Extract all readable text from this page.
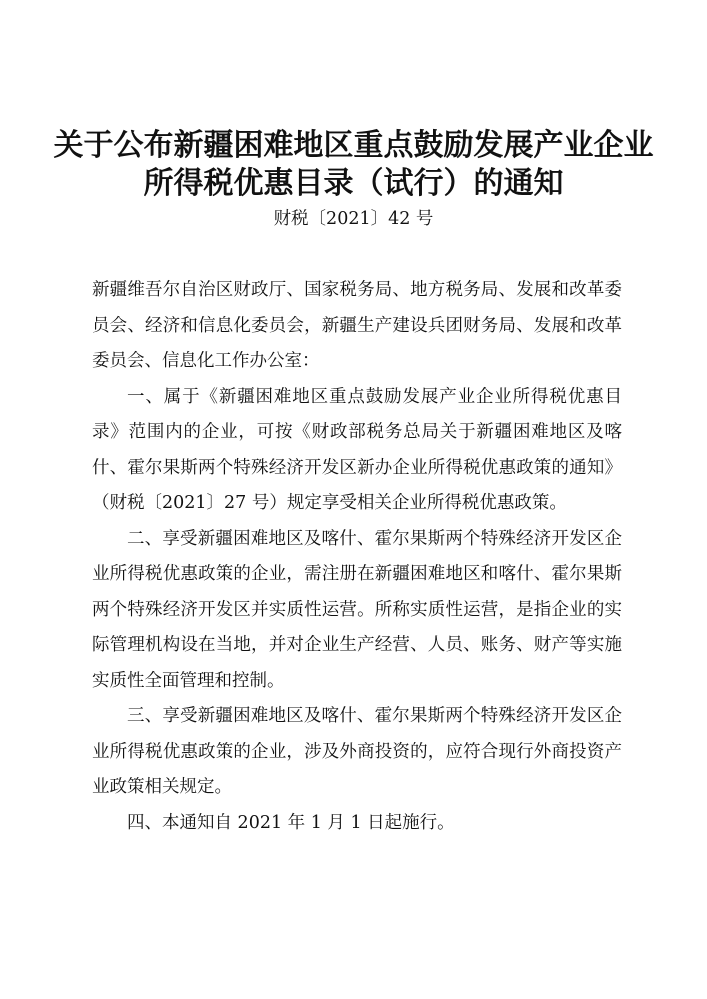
关于公布新疆困难地区重点鼓励发展产业企业
所得税优惠目录（试行）的通知
财税〔2021〕42 号

新疆维吾尔自治区财政厅、国家税务局、地方税务局、发展和改革委员会、经济和信息化委员会，新疆生产建设兵团财务局、发展和改革委员会、信息化工作办公室：

一、属于《新疆困难地区重点鼓励发展产业企业所得税优惠目录》范围内的企业，可按《财政部税务总局关于新疆困难地区及喀什、霍尔果斯两个特殊经济开发区新办企业所得税优惠政策的通知》（财税〔2021〕27 号）规定享受相关企业所得税优惠政策。

二、享受新疆困难地区及喀什、霍尔果斯两个特殊经济开发区企业所得税优惠政策的企业，需注册在新疆困难地区和喀什、霍尔果斯两个特殊经济开发区并实质性运营。所称实质性运营，是指企业的实际管理机构设在当地，并对企业生产经营、人员、账务、财产等实施实质性全面管理和控制。

三、享受新疆困难地区及喀什、霍尔果斯两个特殊经济开发区企业所得税优惠政策的企业，涉及外商投资的，应符合现行外商投资产业政策相关规定。

四、本通知自 2021 年 1 月 1 日起施行。
